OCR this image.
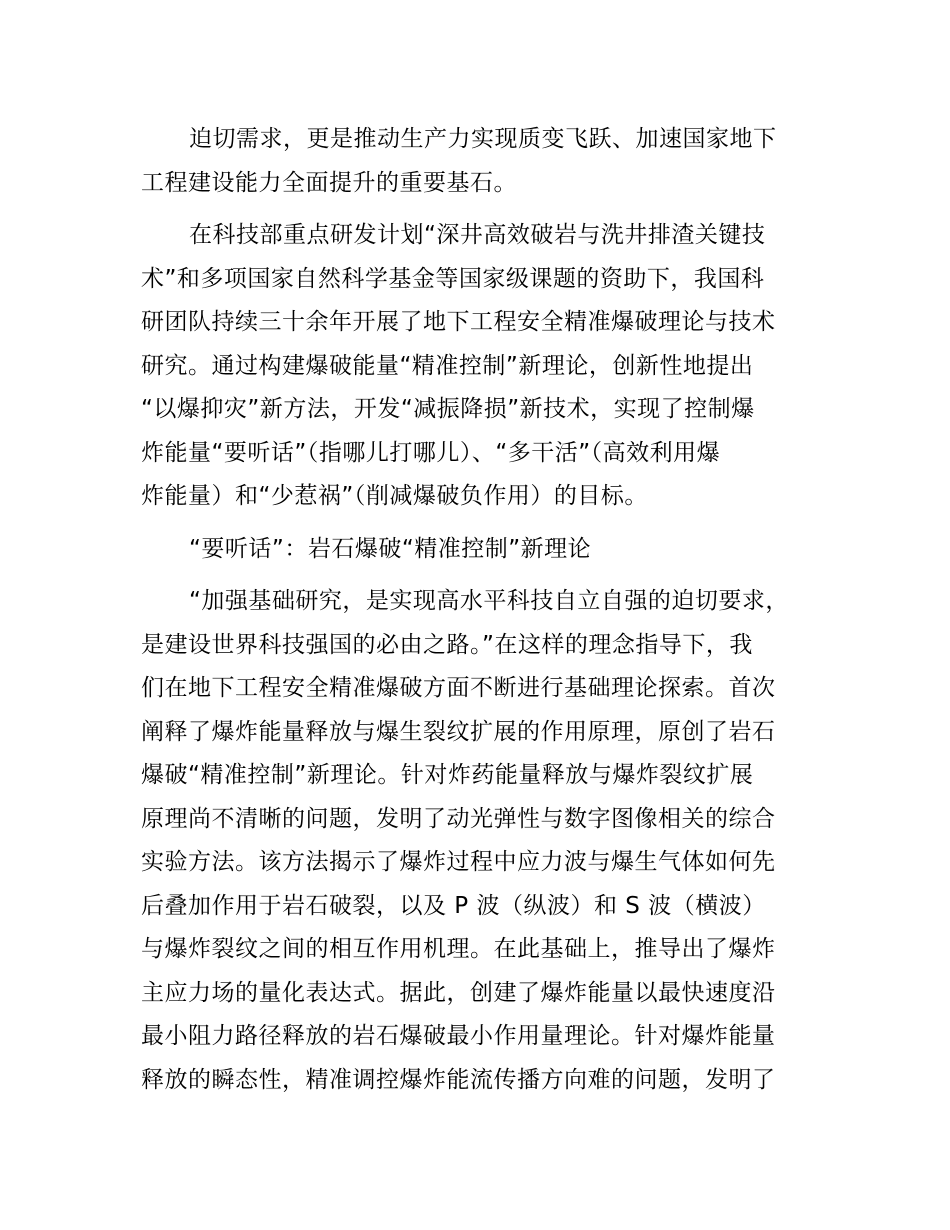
迫切需求，更是推动生产力实现质变飞跃、加速国家地下
工程建设能力全面提升的重要基石。

在科技部重点研发计划“深井高效破岩与洗井排渣关键技
术”和多项国家自然科学基金等国家级课题的资助下，我国科
研团队持续三十余年开展了地下工程安全精准爆破理论与技术
研究。通过构建爆破能量“精准控制”新理论，创新性地提出
“以爆抑灾”新方法，开发“减振降损”新技术，实现了控制爆
炸能量“要听话”（指哪儿打哪儿）、“多干活”（高效利用爆
炸能量）和“少惹祸”（削减爆破负作用）的目标。

“要听话”：岩石爆破“精准控制”新理论

“加强基础研究，是实现高水平科技自立自强的迫切要求，
是建设世界科技强国的必由之路。”在这样的理念指导下，我
们在地下工程安全精准爆破方面不断进行基础理论探索。首次
阐释了爆炸能量释放与爆生裂纹扩展的作用原理，原创了岩石
爆破“精准控制”新理论。针对炸药能量释放与爆炸裂纹扩展
原理尚不清晰的问题，发明了动光弹性与数字图像相关的综合
实验方法。该方法揭示了爆炸过程中应力波与爆生气体如何先
后叠加作用于岩石破裂，以及 P 波（纵波）和 S 波（横波）
与爆炸裂纹之间的相互作用机理。在此基础上，推导出了爆炸
主应力场的量化表达式。据此，创建了爆炸能量以最快速度沿
最小阻力路径释放的岩石爆破最小作用量理论。针对爆炸能量
释放的瞬态性，精准调控爆炸能流传播方向难的问题，发明了
